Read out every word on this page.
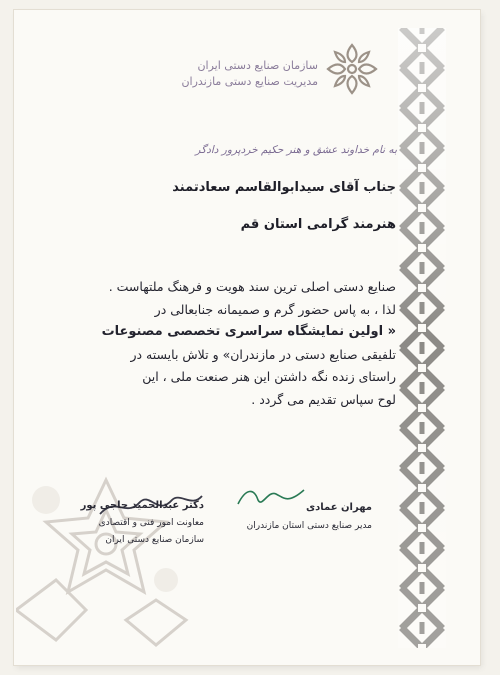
سازمان صنایع دستی ایران
مدیریت صنایع دستی مازندران
به نام خداوند عشق و هنر حکیم خردپرور دادگر
جناب آقای سیدابوالقاسم سعادتمند
هنرمند گرامی استان قم
صنایع دستی اصلی ترین سند هویت و فرهنگ ملتهاست .
لذا ، به پاس حضور گرم و صمیمانه جنابعالی در
« اولین نمایشگاه سراسری تخصصی مصنوعات
تلفیقی صنایع دستی در مازندران» و تلاش بایسته در
راستای زنده نگه داشتن این هنر صنعت ملی ، این
لوح سپاس تقدیم می گردد .
مهران عمادی
مدیر صنایع دستی استان مازندران
دکتر عبدالحمید حاجی پور
معاونت امور فنی و اقتصادی
سازمان صنایع دستی ایران
